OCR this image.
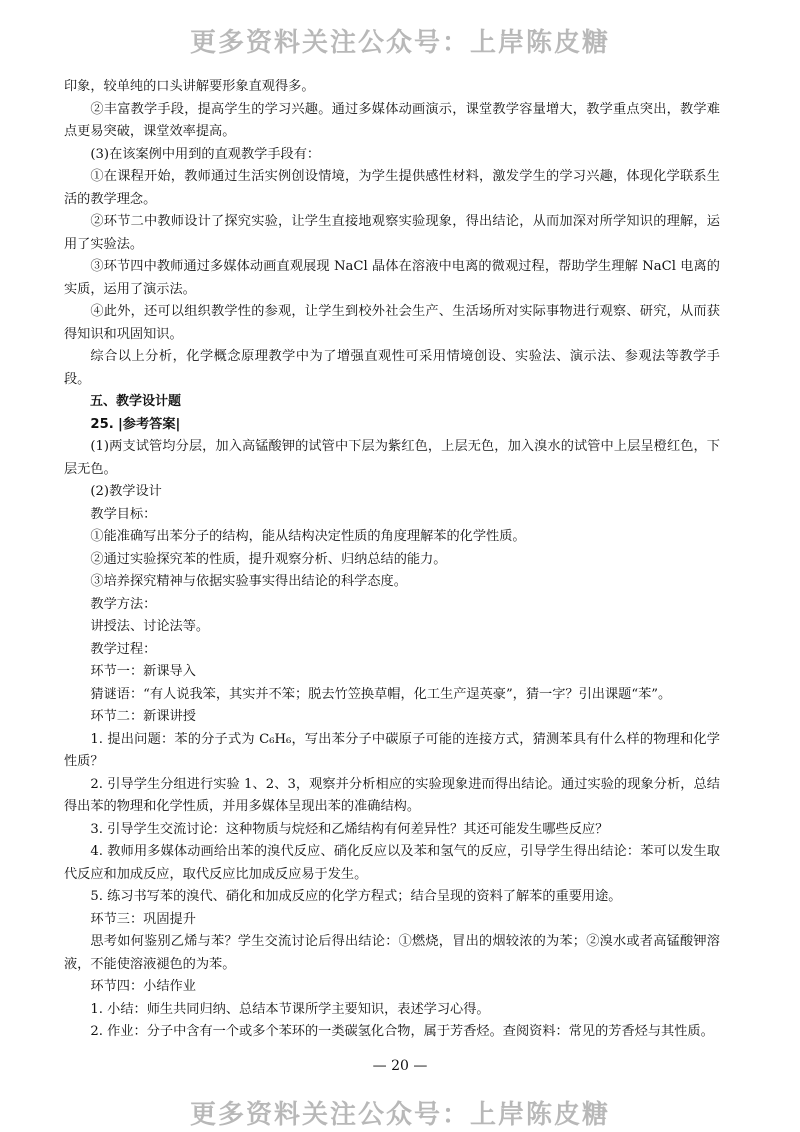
更多资料关注公众号：上岸陈皮糖

印象，较单纯的口头讲解要形象直观得多。

②丰富教学手段，提高学生的学习兴趣。通过多媒体动画演示，课堂教学容量增大，教学重点突出，教学难点更易突破，课堂效率提高。

(3)在该案例中用到的直观教学手段有：

①在课程开始，教师通过生活实例创设情境，为学生提供感性材料，激发学生的学习兴趣，体现化学联系生活的教学理念。

②环节二中教师设计了探究实验，让学生直接地观察实验现象，得出结论，从而加深对所学知识的理解，运用了实验法。

③环节四中教师通过多媒体动画直观展现 NaCl 晶体在溶液中电离的微观过程，帮助学生理解 NaCl 电离的实质，运用了演示法。

④此外，还可以组织教学性的参观，让学生到校外社会生产、生活场所对实际事物进行观察、研究，从而获得知识和巩固知识。

综合以上分析，化学概念原理教学中为了增强直观性可采用情境创设、实验法、演示法、参观法等教学手段。

五、教学设计题

25. |参考答案|

(1)两支试管均分层，加入高锰酸钾的试管中下层为紫红色，上层无色，加入溴水的试管中上层呈橙红色，下层无色。

(2)教学设计

教学目标：

①能准确写出苯分子的结构，能从结构决定性质的角度理解苯的化学性质。

②通过实验探究苯的性质，提升观察分析、归纳总结的能力。

③培养探究精神与依据实验事实得出结论的科学态度。

教学方法：

讲授法、讨论法等。

教学过程：

环节一：新课导入

猜谜语：“有人说我笨，其实并不笨；脱去竹笠换草帽，化工生产逞英豪”，猜一字？引出课题“苯”。

环节二：新课讲授

1. 提出问题：苯的分子式为 C₆H₆，写出苯分子中碳原子可能的连接方式，猜测苯具有什么样的物理和化学性质？

2. 引导学生分组进行实验 1、2、3，观察并分析相应的实验现象进而得出结论。通过实验的现象分析，总结得出苯的物理和化学性质，并用多媒体呈现出苯的准确结构。

3. 引导学生交流讨论：这种物质与烷烃和乙烯结构有何差异性？其还可能发生哪些反应？

4. 教师用多媒体动画给出苯的溴代反应、硝化反应以及苯和氢气的反应，引导学生得出结论：苯可以发生取代反应和加成反应，取代反应比加成反应易于发生。

5. 练习书写苯的溴代、硝化和加成反应的化学方程式；结合呈现的资料了解苯的重要用途。

环节三：巩固提升

思考如何鉴别乙烯与苯？学生交流讨论后得出结论：①燃烧，冒出的烟较浓的为苯；②溴水或者高锰酸钾溶液，不能使溶液褪色的为苯。

环节四：小结作业

1. 小结：师生共同归纳、总结本节课所学主要知识，表述学习心得。

2. 作业：分子中含有一个或多个苯环的一类碳氢化合物，属于芳香烃。查阅资料：常见的芳香烃与其性质。

— 20 —
更多资料关注公众号：上岸陈皮糖
